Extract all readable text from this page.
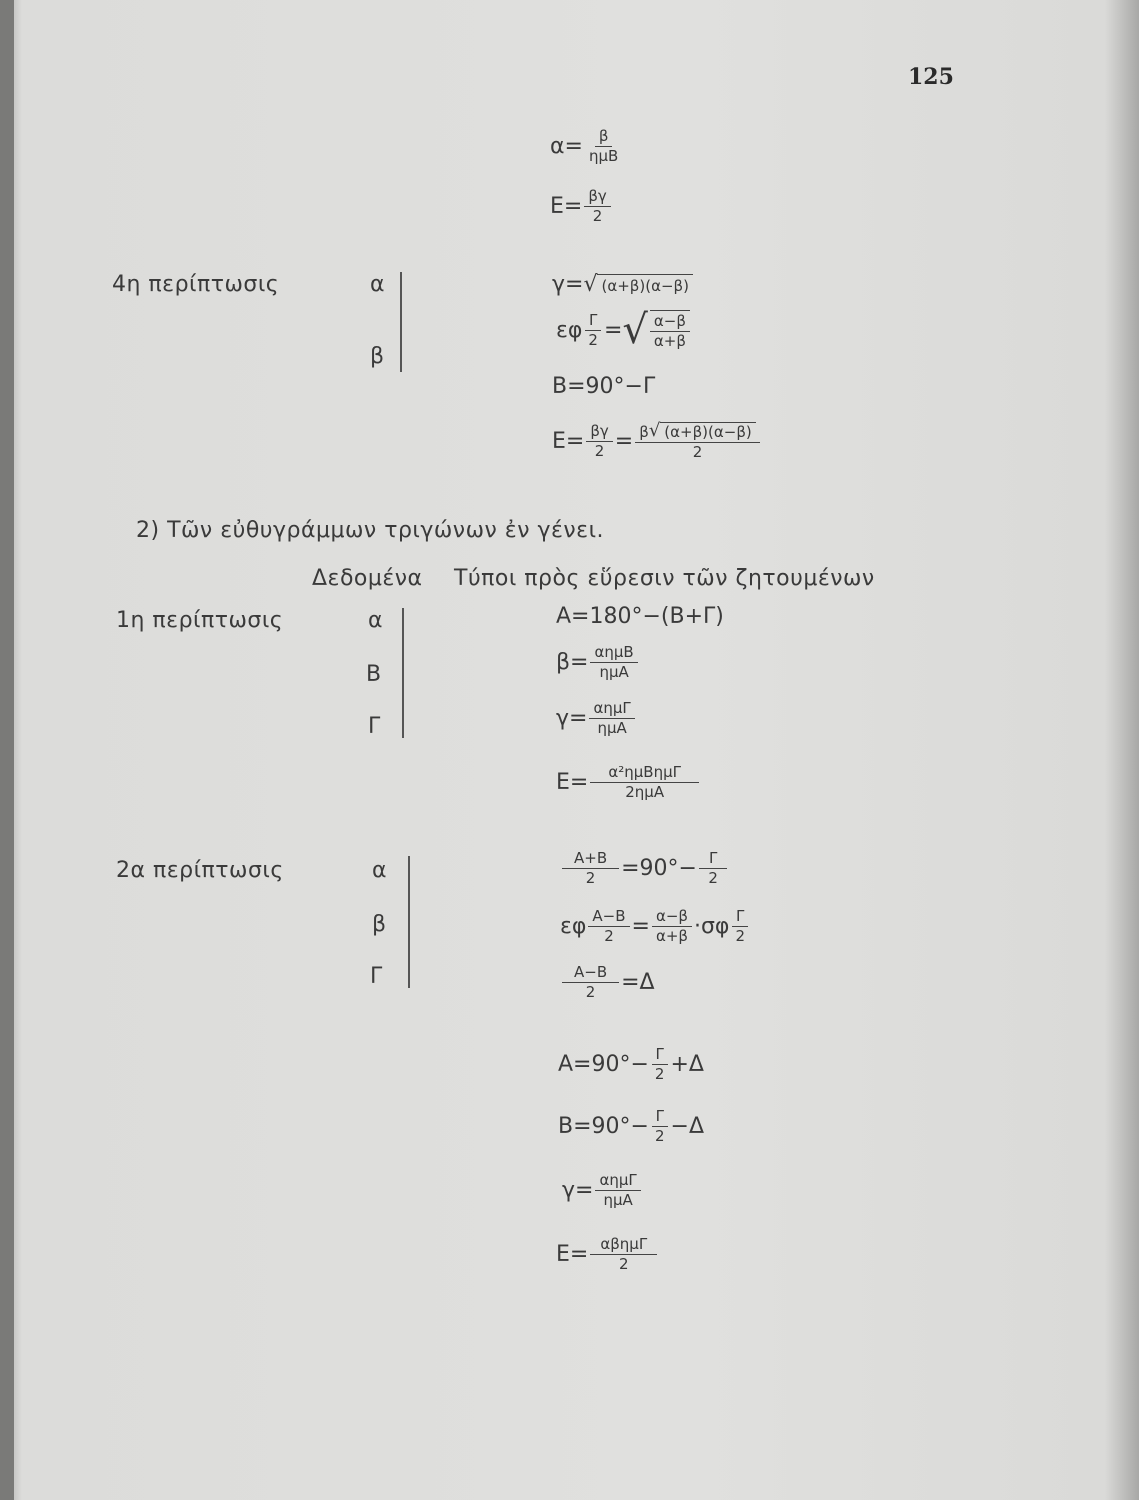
125
$\alpha= \frac{\beta}{\text{ημΒ}}$
$E= \frac{\beta\gamma}{2}$
4η περίπτωσις	α
β
γ= √ (α+β)(α−β)
εφ $\frac{\Gamma}{2}$ = √ $\frac{\alpha-\beta}{\alpha+\beta}$
Β=90°−Γ
$E= \frac{\beta\gamma}{2} = \frac{\beta √ (\alpha+\beta)(\alpha-\beta)}{2}$
2) Τῶν εὐθυγράμμων τριγώνων ἐν γένει.
Δεδομένα Τύποι πρὸς εὕρεσιν τῶν ζητουμένων
1η περίπτωσις	α
Β
Γ
Α=180°−(Β+Γ)
$\beta= \frac{\text{αημΒ}}{\text{ημΑ}}$
$\gamma= \frac{\text{αημΓ}}{\text{ημΑ}}$
$E= \frac{\text{α²ημΒημΓ}}{\text{2ημΑ}}$
2α περίπτωσις	α
β
Γ
$\frac{A+B}{2} =90^\circ- \frac{\Gamma}{2}$
εφ $\frac{A-B}{2} = \frac{\alpha-\beta}{\alpha+\beta} \cdot\sigma\varphi \frac{\Gamma}{2}$
$\frac{A-B}{2} =\Delta$
$A=90^\circ- \frac{\Gamma}{2} +\Delta$
$B=90^\circ- \frac{\Gamma}{2} -\Delta$
$\gamma= \frac{\text{αημΓ}}{\text{ημΑ}}$
$E= \frac{\text{αβημΓ}}{2}$
